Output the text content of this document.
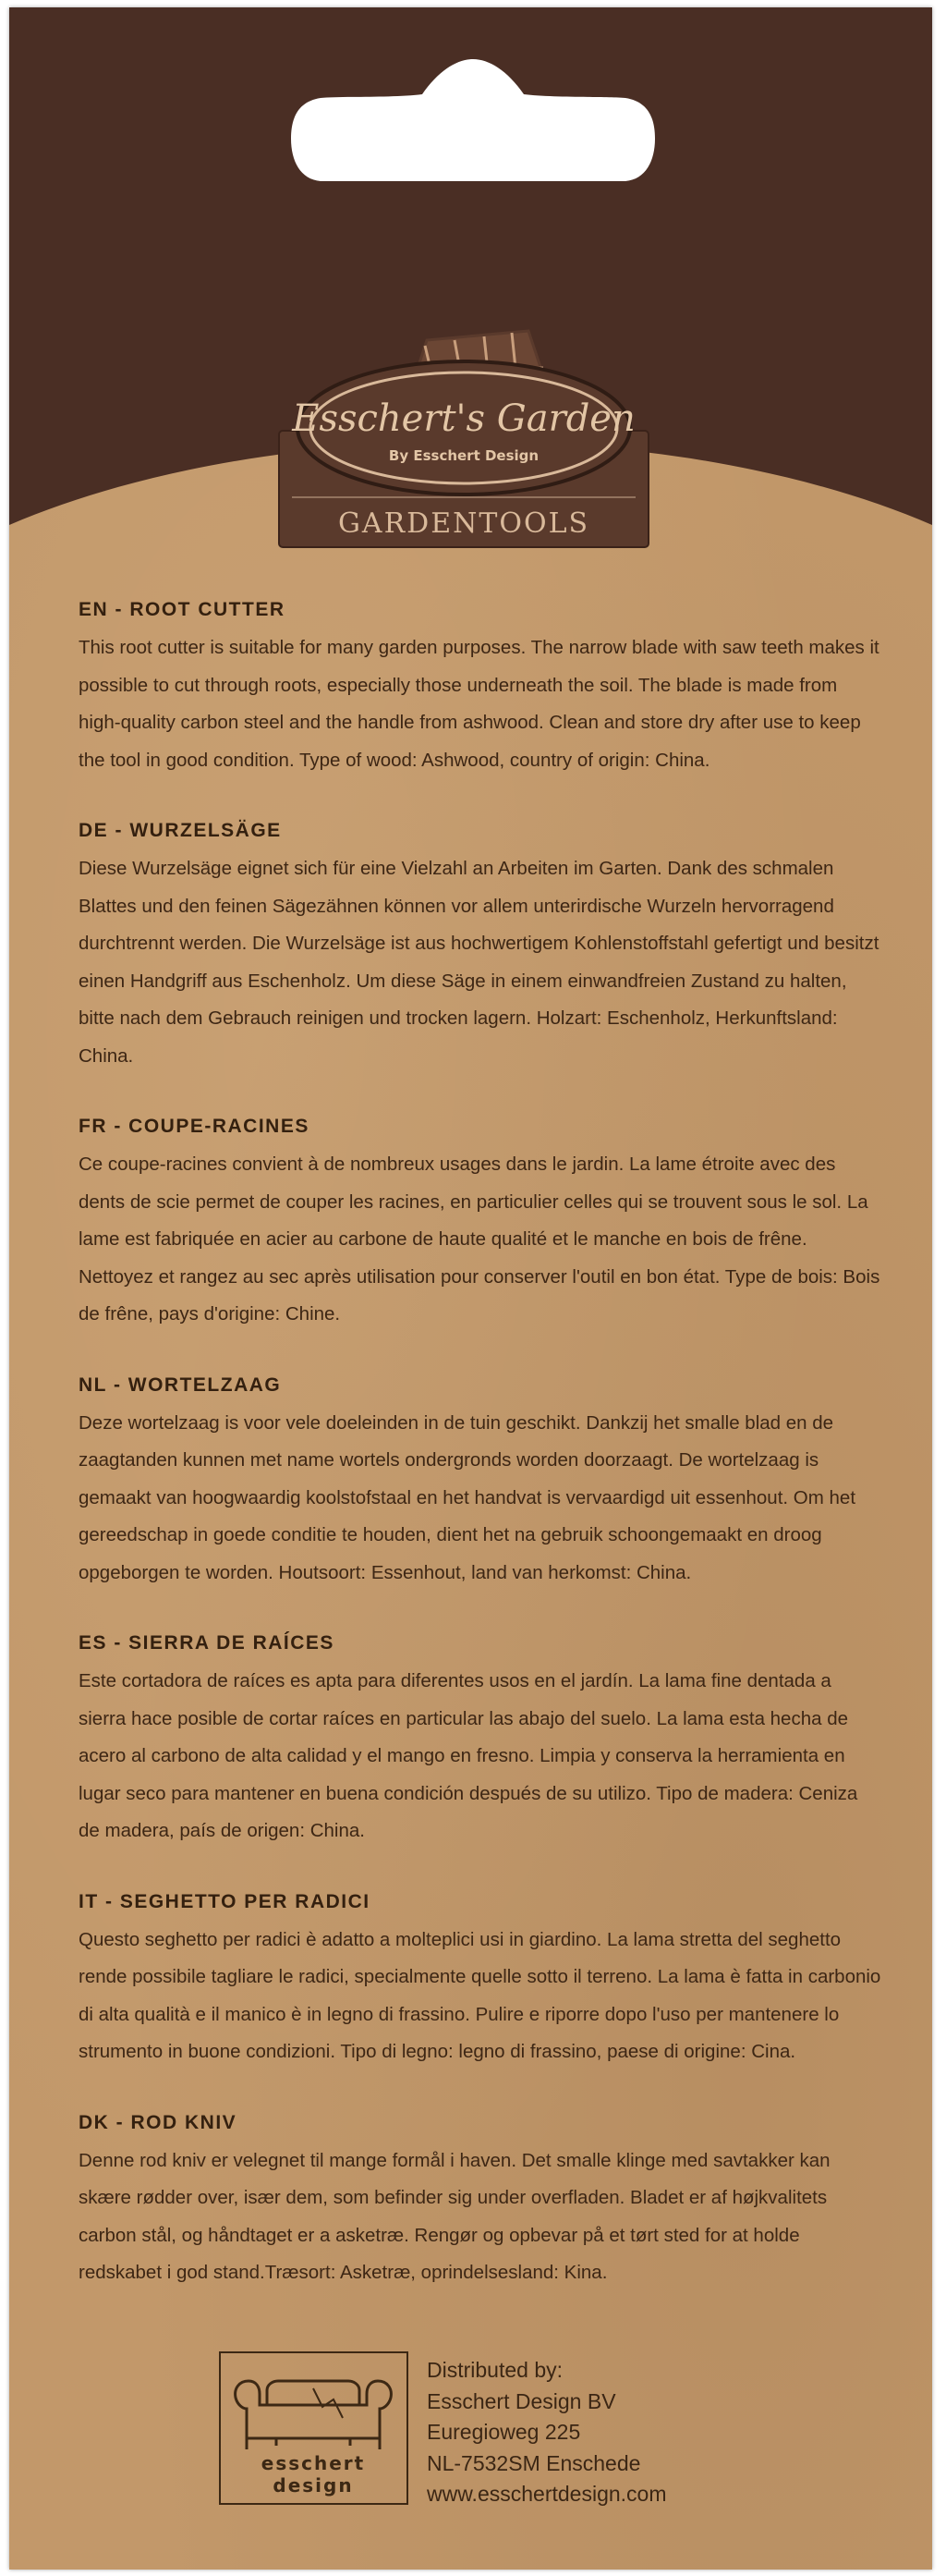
Esschert's Garden
By Esschert Design
GARDENTOOLS
EN - ROOT CUTTER

This root cutter is suitable for many garden purposes. The narrow blade with saw teeth makes it possible to cut through roots, especially those underneath the soil. The blade is made from high-quality carbon steel and the handle from ashwood. Clean and store dry after use to keep the tool in good condition. Type of wood: Ashwood, country of origin: China.

DE - WURZELSÄGE

Diese Wurzelsäge eignet sich für eine Vielzahl an Arbeiten im Garten. Dank des schmalen Blattes und den feinen Sägezähnen können vor allem unterirdische Wurzeln hervorragend durchtrennt werden. Die Wurzelsäge ist aus hochwertigem Kohlenstoffstahl gefertigt und besitzt einen Handgriff aus Eschenholz. Um diese Säge in einem einwandfreien Zustand zu halten, bitte nach dem Gebrauch reinigen und trocken lagern. Holzart: Eschenholz, Herkunftsland: China.

FR - COUPE-RACINES

Ce coupe-racines convient à de nombreux usages dans le jardin. La lame étroite avec des dents de scie permet de couper les racines, en particulier celles qui se trouvent sous le sol. La lame est fabriquée en acier au carbone de haute qualité et le manche en bois de frêne. Nettoyez et rangez au sec après utilisation pour conserver l'outil en bon état. Type de bois: Bois de frêne, pays d'origine: Chine.

NL - WORTELZAAG

Deze wortelzaag is voor vele doeleinden in de tuin geschikt. Dankzij het smalle blad en de zaagtanden kunnen met name wortels ondergronds worden doorzaagt. De wortelzaag is gemaakt van hoogwaardig koolstofstaal en het handvat is vervaardigd uit essenhout. Om het gereedschap in goede conditie te houden, dient het na gebruik schoongemaakt en droog opgeborgen te worden. Houtsoort: Essenhout, land van herkomst: China.

ES - SIERRA DE RAÍCES

Este cortadora de raíces es apta para diferentes usos en el jardín. La lama fine dentada a sierra hace posible de cortar raíces en particular las abajo del suelo. La lama esta hecha de acero al carbono de alta calidad y el mango en fresno. Limpia y conserva la herramienta en lugar seco para mantener en buena condición después de su utilizo. Tipo de madera: Ceniza de madera, país de origen: China.

IT - SEGHETTO PER RADICI

Questo seghetto per radici è adatto a molteplici usi in giardino. La lama stretta del seghetto rende possibile tagliare le radici, specialmente quelle sotto il terreno. La lama è fatta in carbonio di alta qualità e il manico è in legno di frassino. Pulire e riporre dopo l'uso per mantenere lo strumento in buone condizioni. Tipo di legno: legno di frassino, paese di origine: Cina.

DK - ROD KNIV

Denne rod kniv er velegnet til mange formål i haven. Det smalle klinge med savtakker kan skære rødder over, især dem, som befinder sig under overfladen. Bladet er af højkvalitets carbon stål, og håndtaget er a asketræ. Rengør og opbevar på et tørt sted for at holde redskabet i god stand.Træsort: Asketræ, oprindelsesland: Kina.

esschert
design
Distributed by:
Esschert Design BV
Euregioweg 225
NL-7532SM Enschede
www.esschertdesign.com
